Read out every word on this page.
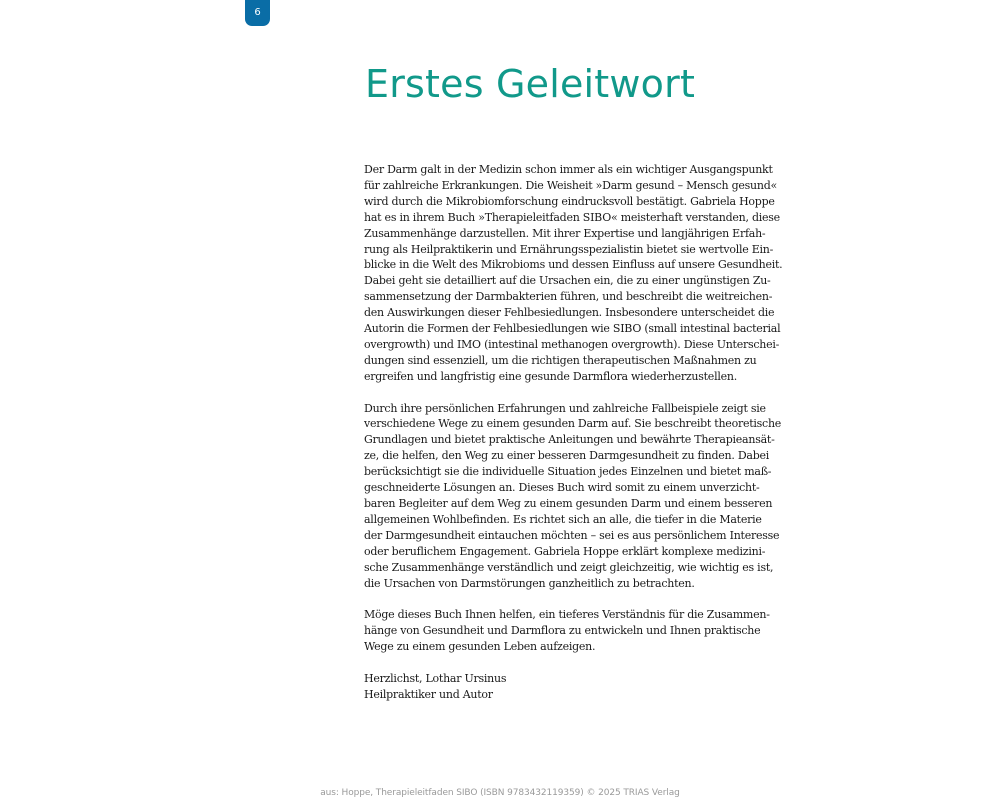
6
Erstes Geleitwort

Der Darm galt in der Medizin schon immer als ein wichtiger Ausgangspunkt
für zahlreiche Erkrankungen. Die Weisheit »Darm gesund – Mensch gesund«
wird durch die Mikrobiomforschung eindrucksvoll bestätigt. Gabriela Hoppe
hat es in ihrem Buch »Therapieleitfaden SIBO« meisterhaft verstanden, diese
Zusammenhänge darzustellen. Mit ihrer Expertise und langjährigen Erfah-
rung als Heilpraktikerin und Ernährungsspezialistin bietet sie wertvolle Ein-
blicke in die Welt des Mikrobioms und dessen Einfluss auf unsere Gesundheit.
Dabei geht sie detailliert auf die Ursachen ein, die zu einer ungünstigen Zu-
sammensetzung der Darmbakterien führen, und beschreibt die weitreichen-
den Auswirkungen dieser Fehlbesiedlungen. Insbesondere unterscheidet die
Autorin die Formen der Fehlbesiedlungen wie SIBO (small intestinal bacterial
overgrowth) und IMO (intestinal methanogen overgrowth). Diese Unterschei-
dungen sind essenziell, um die richtigen therapeutischen Maßnahmen zu
ergreifen und langfristig eine gesunde Darmflora wiederherzustellen.

Durch ihre persönlichen Erfahrungen und zahlreiche Fallbeispiele zeigt sie
verschiedene Wege zu einem gesunden Darm auf. Sie beschreibt theoretische
Grundlagen und bietet praktische Anleitungen und bewährte Therapieansät-
ze, die helfen, den Weg zu einer besseren Darmgesundheit zu finden. Dabei
berücksichtigt sie die individuelle Situation jedes Einzelnen und bietet maß-
geschneiderte Lösungen an. Dieses Buch wird somit zu einem unverzicht-
baren Begleiter auf dem Weg zu einem gesunden Darm und einem besseren
allgemeinen Wohlbefinden. Es richtet sich an alle, die tiefer in die Materie
der Darmgesundheit eintauchen möchten – sei es aus persönlichem Interesse
oder beruflichem Engagement. Gabriela Hoppe erklärt komplexe medizini-
sche Zusammenhänge verständlich und zeigt gleichzeitig, wie wichtig es ist,
die Ursachen von Darmstörungen ganzheitlich zu betrachten.

Möge dieses Buch Ihnen helfen, ein tieferes Verständnis für die Zusammen-
hänge von Gesundheit und Darmflora zu entwickeln und Ihnen praktische
Wege zu einem gesunden Leben aufzeigen.

Herzlichst, Lothar Ursinus
Heilpraktiker und Autor

aus: Hoppe, Therapieleitfaden SIBO (ISBN 9783432119359) © 2025 TRIAS Verlag
